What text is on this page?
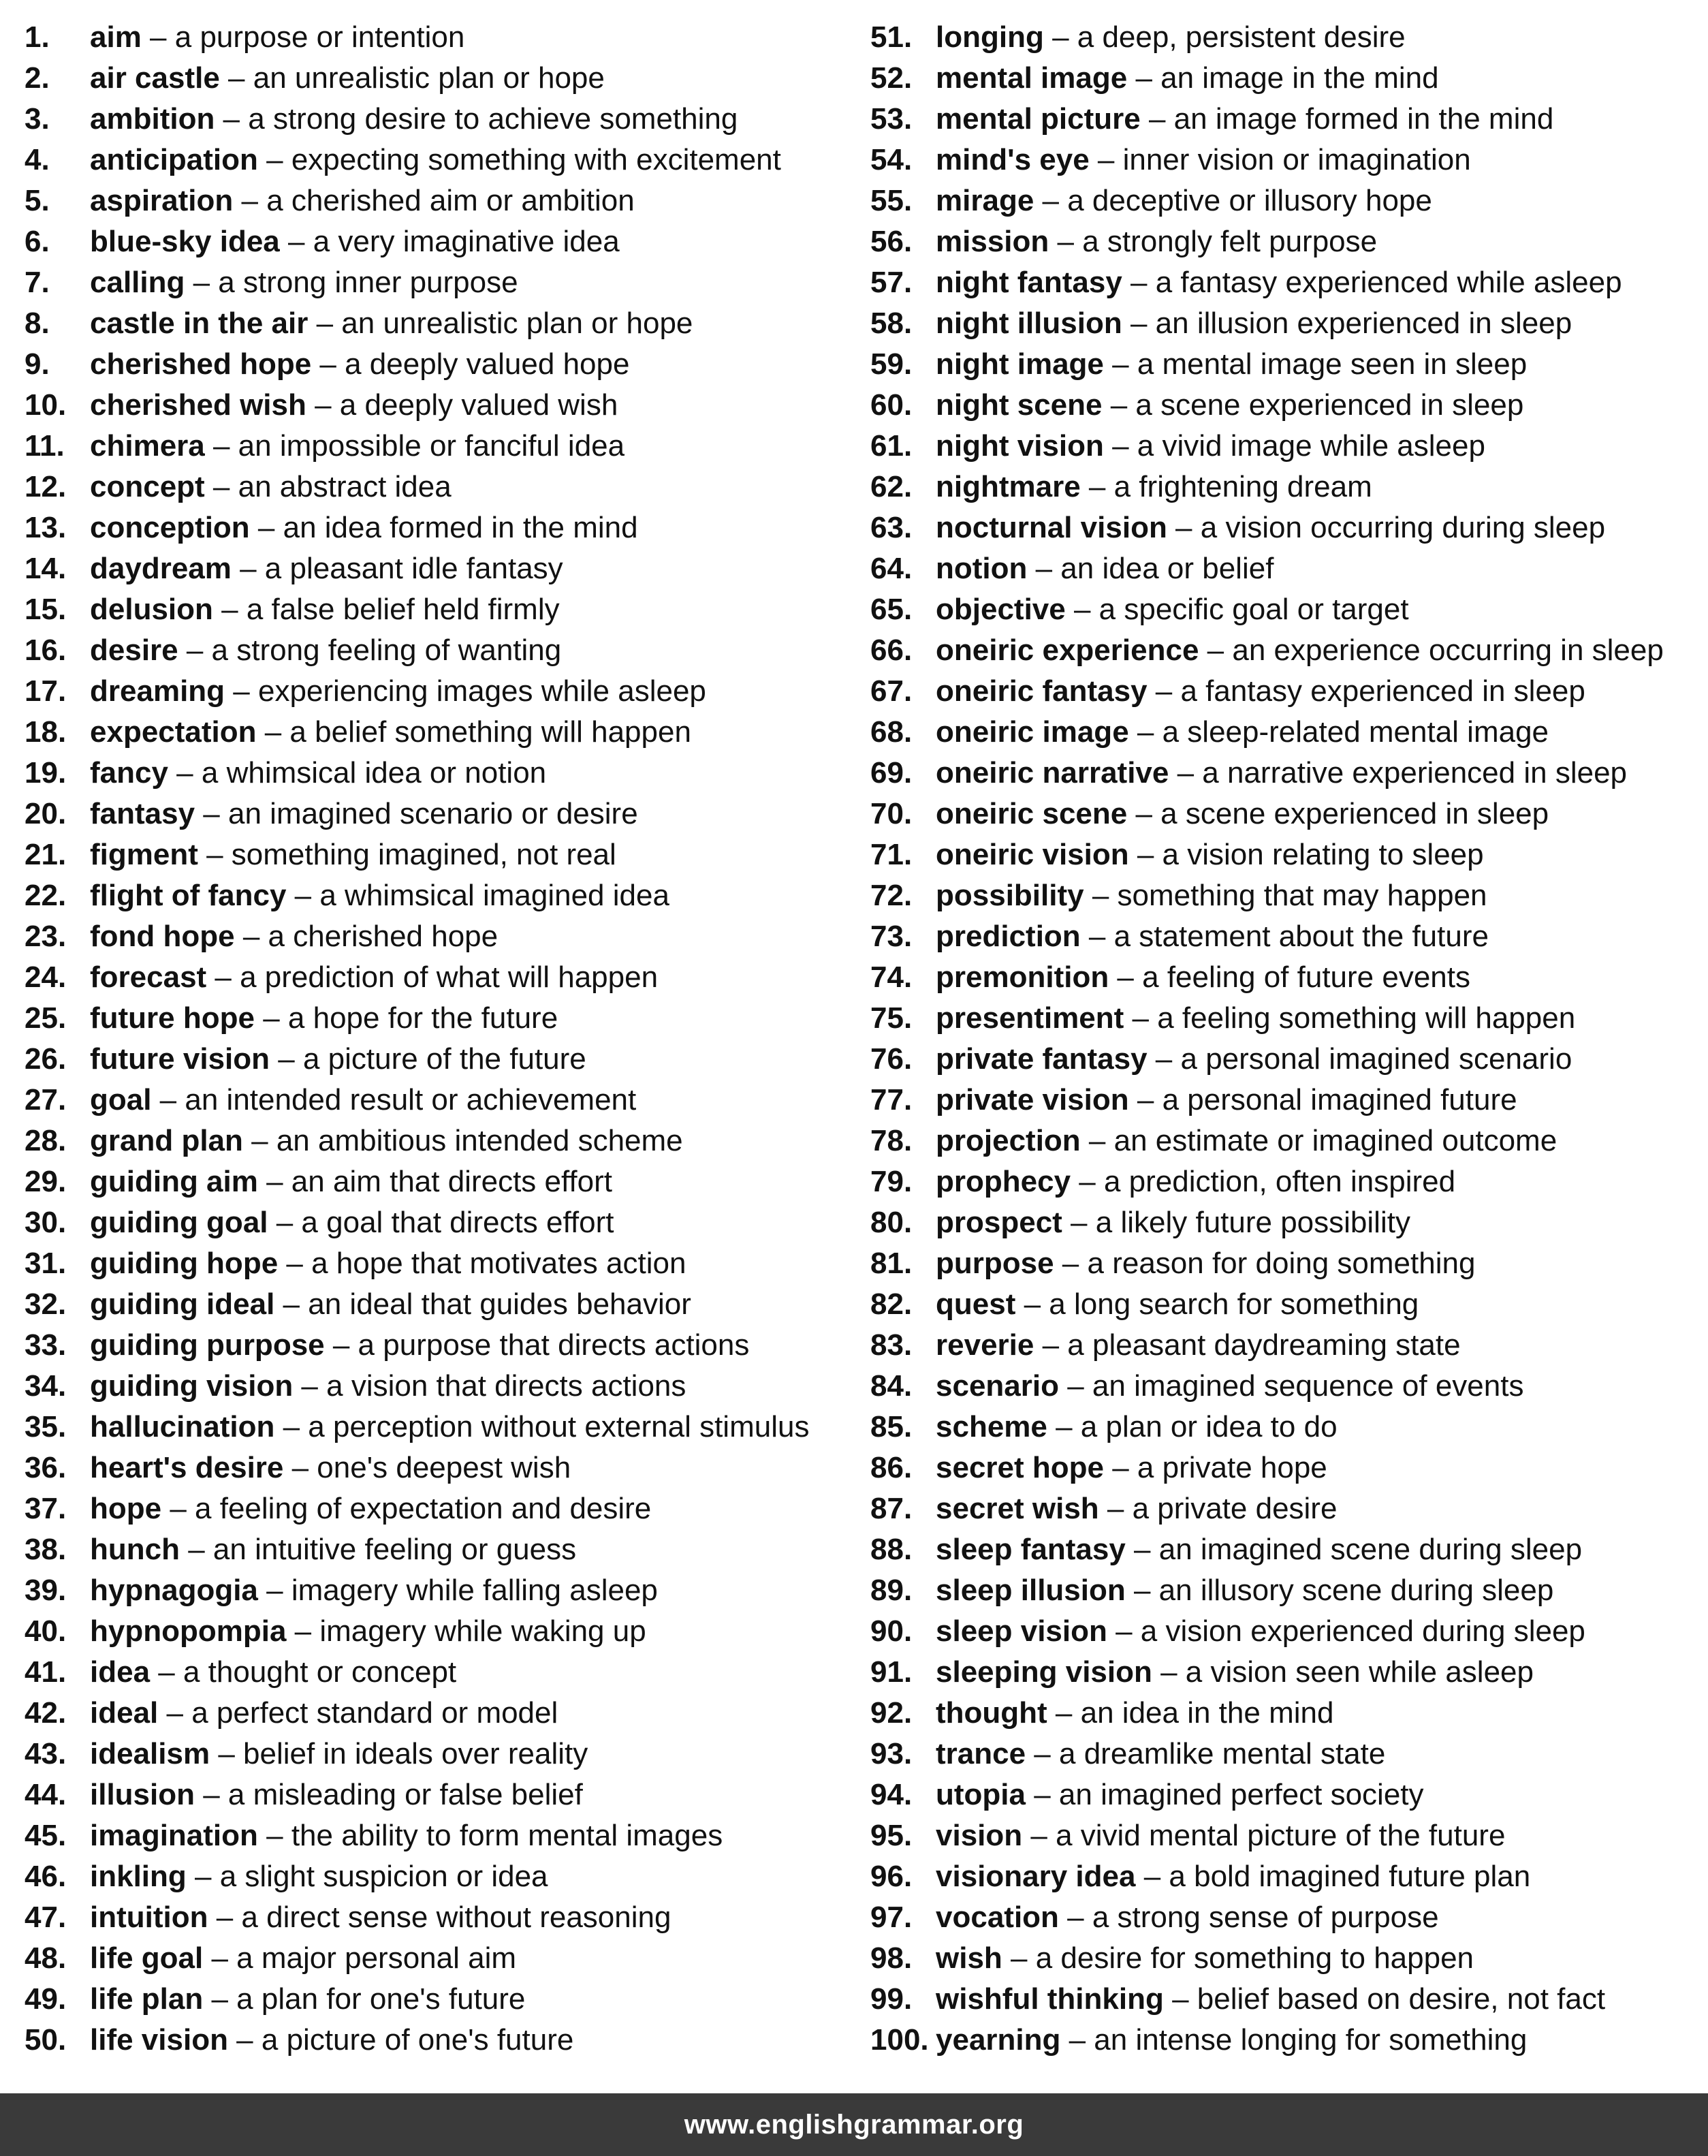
1.	aim – a purpose or intention
2.	air castle – an unrealistic plan or hope
3.	ambition – a strong desire to achieve something
4.	anticipation – expecting something with excitement
5.	aspiration – a cherished aim or ambition
6.	blue-sky idea – a very imaginative idea
7.	calling – a strong inner purpose
8.	castle in the air – an unrealistic plan or hope
9.	cherished hope – a deeply valued hope
10. cherished wish – a deeply valued wish
11. chimera – an impossible or fanciful idea
12. concept – an abstract idea
13. conception – an idea formed in the mind
14. daydream – a pleasant idle fantasy
15. delusion – a false belief held firmly
16. desire – a strong feeling of wanting
17. dreaming – experiencing images while asleep
18. expectation – a belief something will happen
19. fancy – a whimsical idea or notion
20. fantasy – an imagined scenario or desire
21. figment – something imagined, not real
22. flight of fancy – a whimsical imagined idea
23. fond hope – a cherished hope
24. forecast – a prediction of what will happen
25. future hope – a hope for the future
26. future vision – a picture of the future
27. goal – an intended result or achievement
28. grand plan – an ambitious intended scheme
29. guiding aim – an aim that directs effort
30. guiding goal – a goal that directs effort
31. guiding hope – a hope that motivates action
32. guiding ideal – an ideal that guides behavior
33. guiding purpose – a purpose that directs actions
34. guiding vision – a vision that directs actions
35. hallucination – a perception without external stimulus
36. heart's desire – one's deepest wish
37. hope – a feeling of expectation and desire
38. hunch – an intuitive feeling or guess
39. hypnagogia – imagery while falling asleep
40. hypnopompia – imagery while waking up
41. idea – a thought or concept
42. ideal – a perfect standard or model
43. idealism – belief in ideals over reality
44. illusion – a misleading or false belief
45. imagination – the ability to form mental images
46. inkling – a slight suspicion or idea
47. intuition – a direct sense without reasoning
48. life goal – a major personal aim
49. life plan – a plan for one's future
50. life vision – a picture of one's future
51. longing – a deep, persistent desire
52. mental image – an image in the mind
53. mental picture – an image formed in the mind
54. mind's eye – inner vision or imagination
55. mirage – a deceptive or illusory hope
56. mission – a strongly felt purpose
57. night fantasy – a fantasy experienced while asleep
58. night illusion – an illusion experienced in sleep
59. night image – a mental image seen in sleep
60. night scene – a scene experienced in sleep
61. night vision – a vivid image while asleep
62. nightmare – a frightening dream
63. nocturnal vision – a vision occurring during sleep
64. notion – an idea or belief
65. objective – a specific goal or target
66. oneiric experience – an experience occurring in sleep
67. oneiric fantasy – a fantasy experienced in sleep
68. oneiric image – a sleep-related mental image
69. oneiric narrative – a narrative experienced in sleep
70. oneiric scene – a scene experienced in sleep
71. oneiric vision – a vision relating to sleep
72. possibility – something that may happen
73. prediction – a statement about the future
74. premonition – a feeling of future events
75. presentiment – a feeling something will happen
76. private fantasy – a personal imagined scenario
77. private vision – a personal imagined future
78. projection – an estimate or imagined outcome
79. prophecy – a prediction, often inspired
80. prospect – a likely future possibility
81. purpose – a reason for doing something
82. quest – a long search for something
83. reverie – a pleasant daydreaming state
84. scenario – an imagined sequence of events
85. scheme – a plan or idea to do
86. secret hope – a private hope
87. secret wish – a private desire
88. sleep fantasy – an imagined scene during sleep
89. sleep illusion – an illusory scene during sleep
90. sleep vision – a vision experienced during sleep
91. sleeping vision – a vision seen while asleep
92. thought – an idea in the mind
93. trance – a dreamlike mental state
94. utopia – an imagined perfect society
95. vision – a vivid mental picture of the future
96. visionary idea – a bold imagined future plan
97. vocation – a strong sense of purpose
98. wish – a desire for something to happen
99. wishful thinking – belief based on desire, not fact
100. yearning – an intense longing for something
www.englishgrammar.org
